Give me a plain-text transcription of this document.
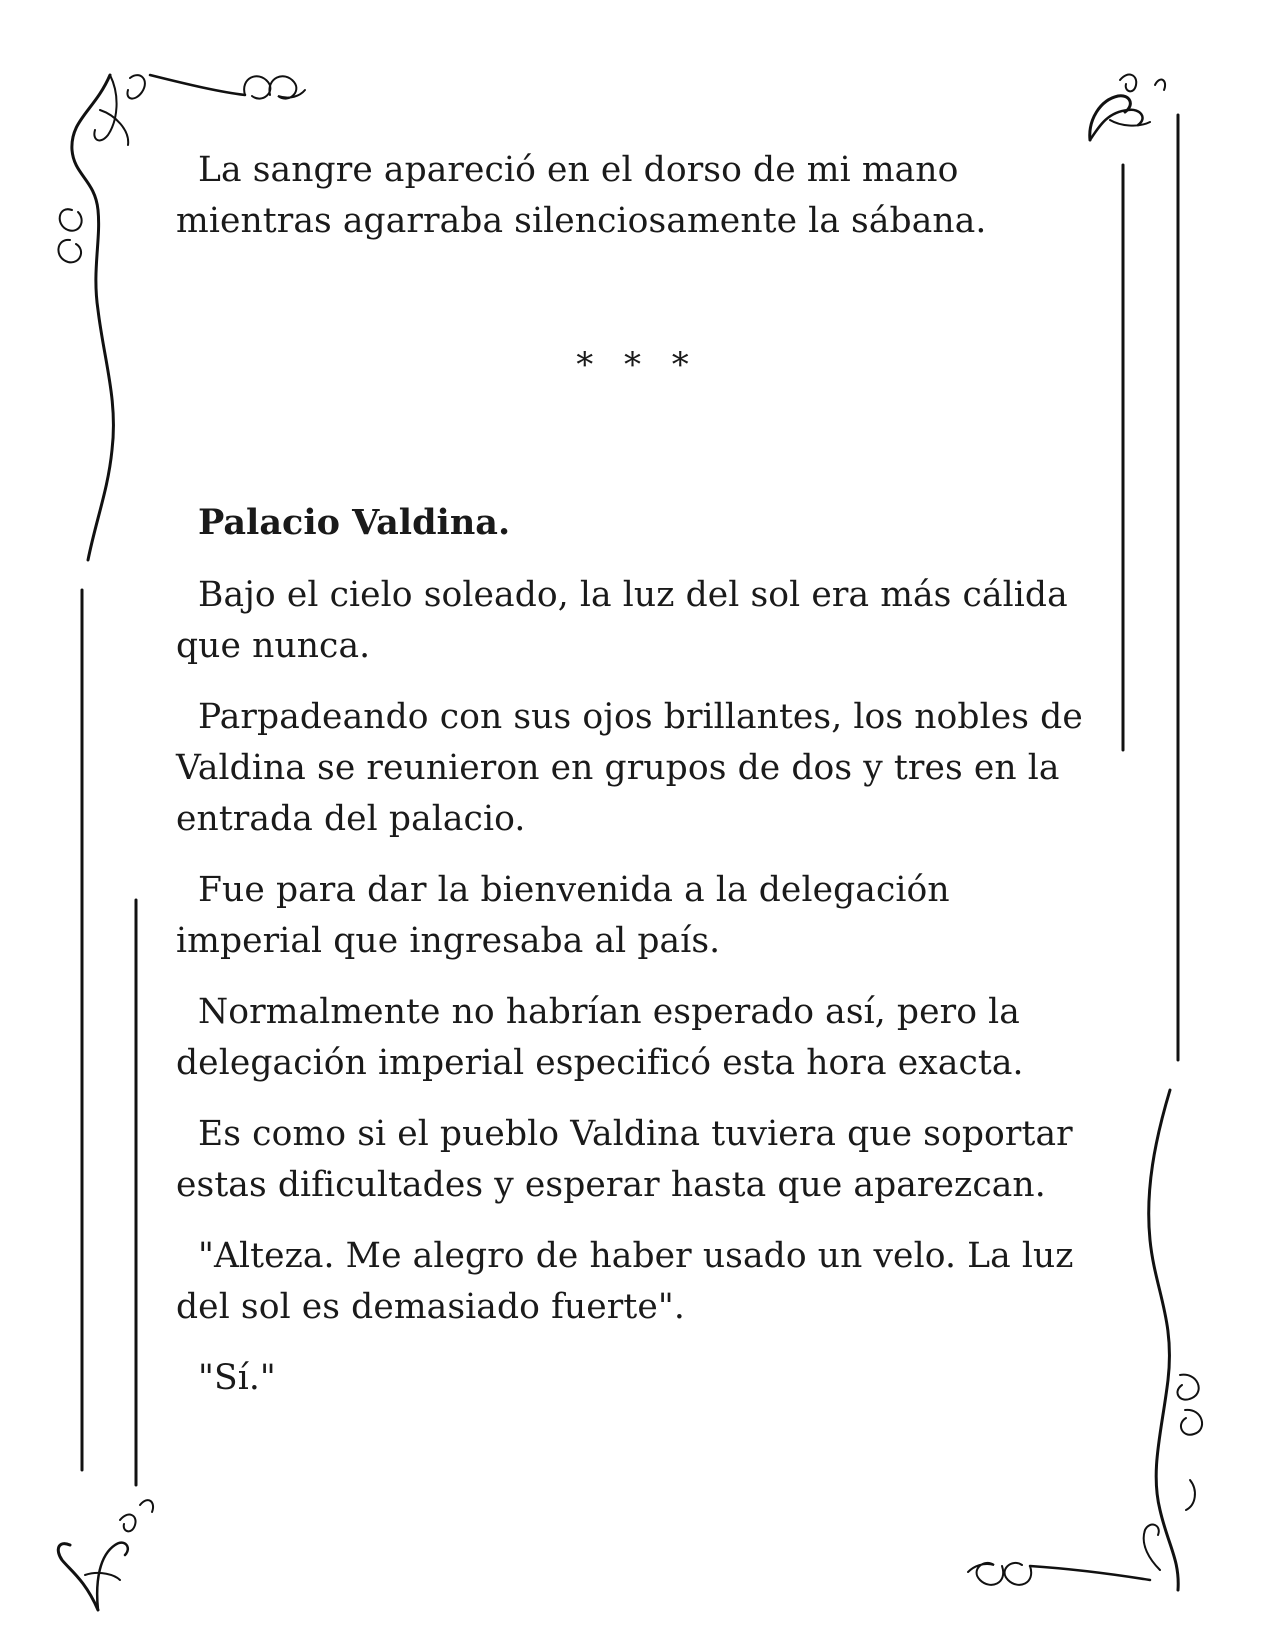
La sangre apareció en el dorso de mi mano mientras agarraba silenciosamente la sábana.

* * *
Palacio Valdina.

Bajo el cielo soleado, la luz del sol era más cálida que nunca.

Parpadeando con sus ojos brillantes, los nobles de Valdina se reunieron en grupos de dos y tres en la entrada del palacio.

Fue para dar la bienvenida a la delegación imperial que ingresaba al país.

Normalmente no habrían esperado así, pero la delegación imperial especificó esta hora exacta.

Es como si el pueblo Valdina tuviera que soportar estas dificultades y esperar hasta que aparezcan.

"Alteza. Me alegro de haber usado un velo. La luz del sol es demasiado fuerte".

"Sí."
